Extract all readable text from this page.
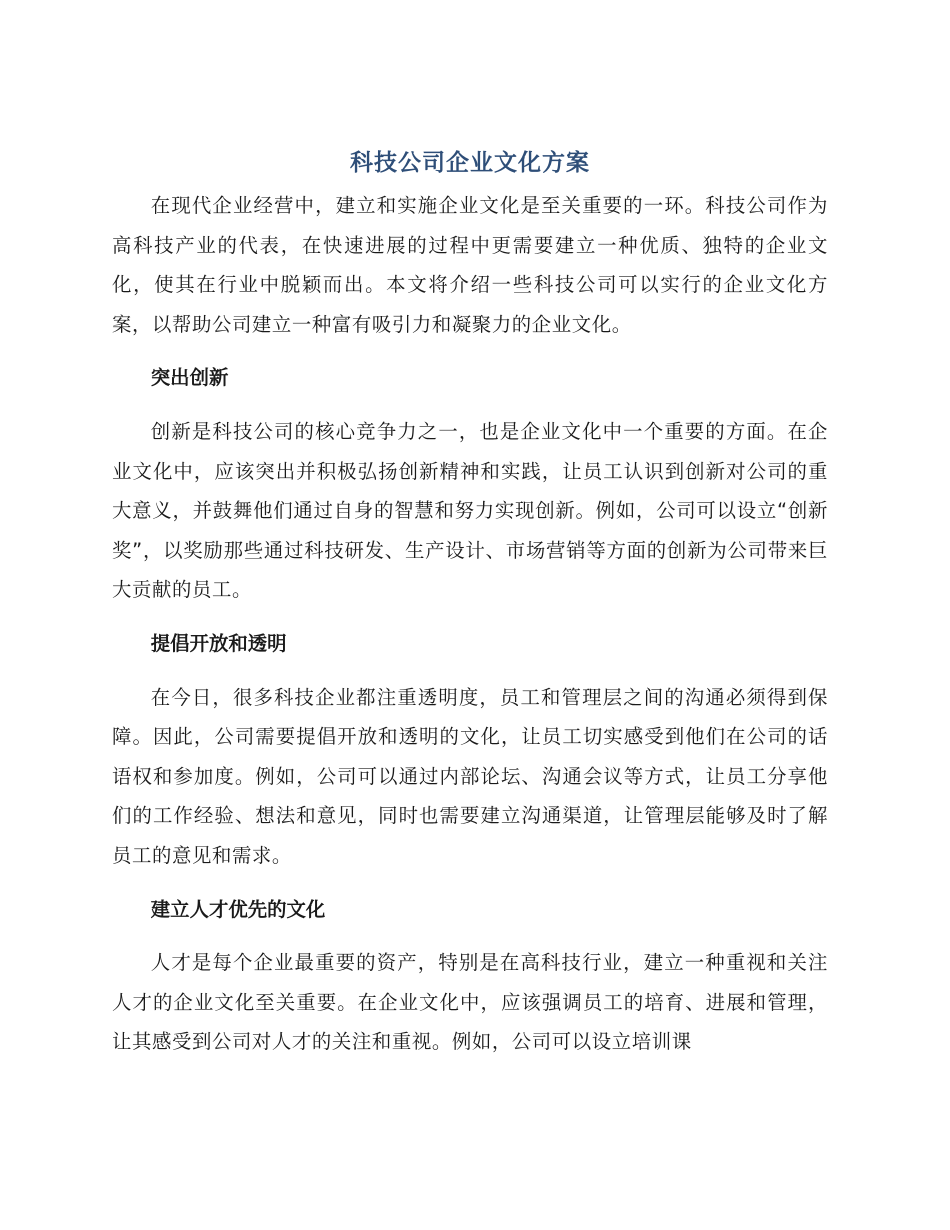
科技公司企业文化方案

在现代企业经营中，建立和实施企业文化是至关重要的一环。科技公司作为高科技产业的代表，在快速进展的过程中更需要建立一种优质、独特的企业文化，使其在行业中脱颖而出。本文将介绍一些科技公司可以实行的企业文化方案，以帮助公司建立一种富有吸引力和凝聚力的企业文化。

突出创新

创新是科技公司的核心竞争力之一，也是企业文化中一个重要的方面。在企业文化中，应该突出并积极弘扬创新精神和实践，让员工认识到创新对公司的重大意义，并鼓舞他们通过自身的智慧和努力实现创新。例如，公司可以设立“创新奖”，以奖励那些通过科技研发、生产设计、市场营销等方面的创新为公司带来巨大贡献的员工。

提倡开放和透明

在今日，很多科技企业都注重透明度，员工和管理层之间的沟通必须得到保障。因此，公司需要提倡开放和透明的文化，让员工切实感受到他们在公司的话语权和参加度。例如，公司可以通过内部论坛、沟通会议等方式，让员工分享他们的工作经验、想法和意见，同时也需要建立沟通渠道，让管理层能够及时了解员工的意见和需求。

建立人才优先的文化

人才是每个企业最重要的资产，特别是在高科技行业，建立一种重视和关注人才的企业文化至关重要。在企业文化中，应该强调员工的培育、进展和管理，让其感受到公司对人才的关注和重视。例如，公司可以设立培训课
